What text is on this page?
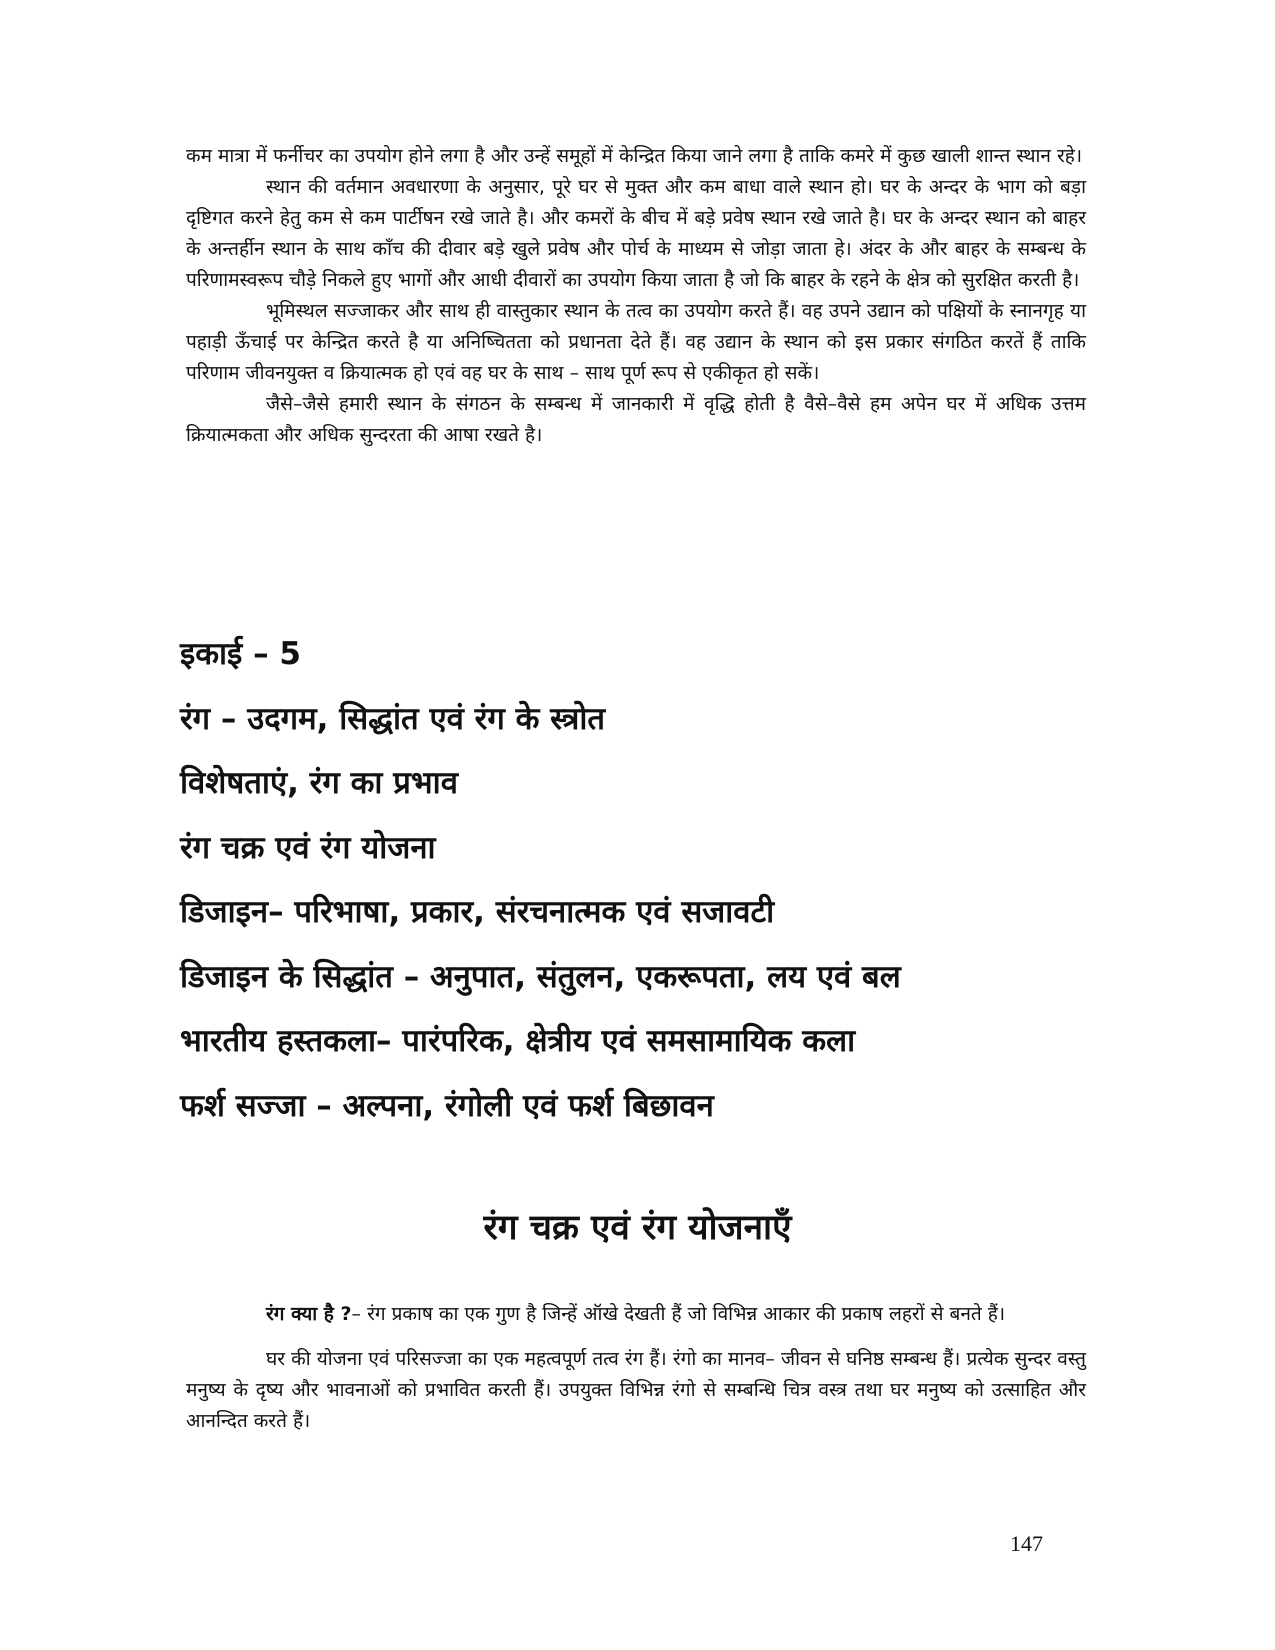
कम मात्रा में फर्नीचर का उपयोग होने लगा है और उन्हें समूहों में केन्द्रित किया जाने लगा है ताकि कमरे में कुछ खाली शान्त स्थान रहे।

स्थान की वर्तमान अवधारणा के अनुसार, पूरे घर से मुक्त और कम बाधा वाले स्थान हो। घर के अन्दर के भाग को बड़ा दृष्टिगत करने हेतु कम से कम पार्टीषन रखे जाते है। और कमरों के बीच में बड़े प्रवेष स्थान रखे जाते है। घर के अन्दर स्थान को बाहर के अन्तर्हीन स्थान के साथ कॉंच की दीवार बड़े खुले प्रवेष और पोर्च के माध्यम से जोड़ा जाता हे। अंदर के और बाहर के सम्बन्ध के परिणामस्वरूप चौड़े निकले हुए भागों और आधी दीवारों का उपयोग किया जाता है जो कि बाहर के रहने के क्षेत्र को सुरक्षित करती है।

भूमिस्थल सज्जाकर और साथ ही वास्तुकार स्थान के तत्व का उपयोग करते हैं। वह उपने उद्यान को पक्षियों के स्नानगृह या पहाड़ी ऊँचाई पर केन्द्रित करते है या अनिष्चितता को प्रधानता देते हैं। वह उद्यान के स्थान को इस प्रकार संगठित करतें हैं ताकि परिणाम जीवनयुक्त व क्रियात्मक हो एवं वह घर के साथ – साथ पूर्ण रूप से एकीकृत हो सकें।

जैसे–जैसे हमारी स्थान के संगठन के सम्बन्ध में जानकारी में वृद्धि होती है वैसे–वैसे हम अपेन घर में अधिक उत्तम क्रियात्मकता और अधिक सुन्दरता की आषा रखते है।

इकाई – 5
रंग – उदगम, सिद्धांत एवं रंग के स्त्रोत
विशेषताएं, रंग का प्रभाव
रंग चक्र एवं रंग योजना
डिजाइन– परिभाषा, प्रकार, संरचनात्मक एवं सजावटी
डिजाइन के सिद्धांत – अनुपात, संतुलन, एकरूपता, लय एवं बल
भारतीय हस्तकला– पारंपरिक, क्षेत्रीय एवं समसामायिक कला
फर्श सज्जा – अल्पना, रंगोली एवं फर्श बिछावन
रंग चक्र एवं रंग योजनाएँ

रंग क्या है ?– रंग प्रकाष का एक गुण है जिन्हें ऑखे देखती हैं जो विभिन्न आकार की प्रकाष लहरों से बनते हैं।

घर की योजना एवं परिसज्जा का एक महत्वपूर्ण तत्व रंग हैं। रंगो का मानव– जीवन से घनिष्ठ सम्बन्ध हैं। प्रत्येक सुन्दर वस्तु मनुष्य के दृष्य और भावनाओं को प्रभावित करती हैं। उपयुक्त विभिन्न रंगो से सम्बन्धि चित्र वस्त्र तथा घर मनुष्य को उत्साहित और आनन्दित करते हैं।

147
